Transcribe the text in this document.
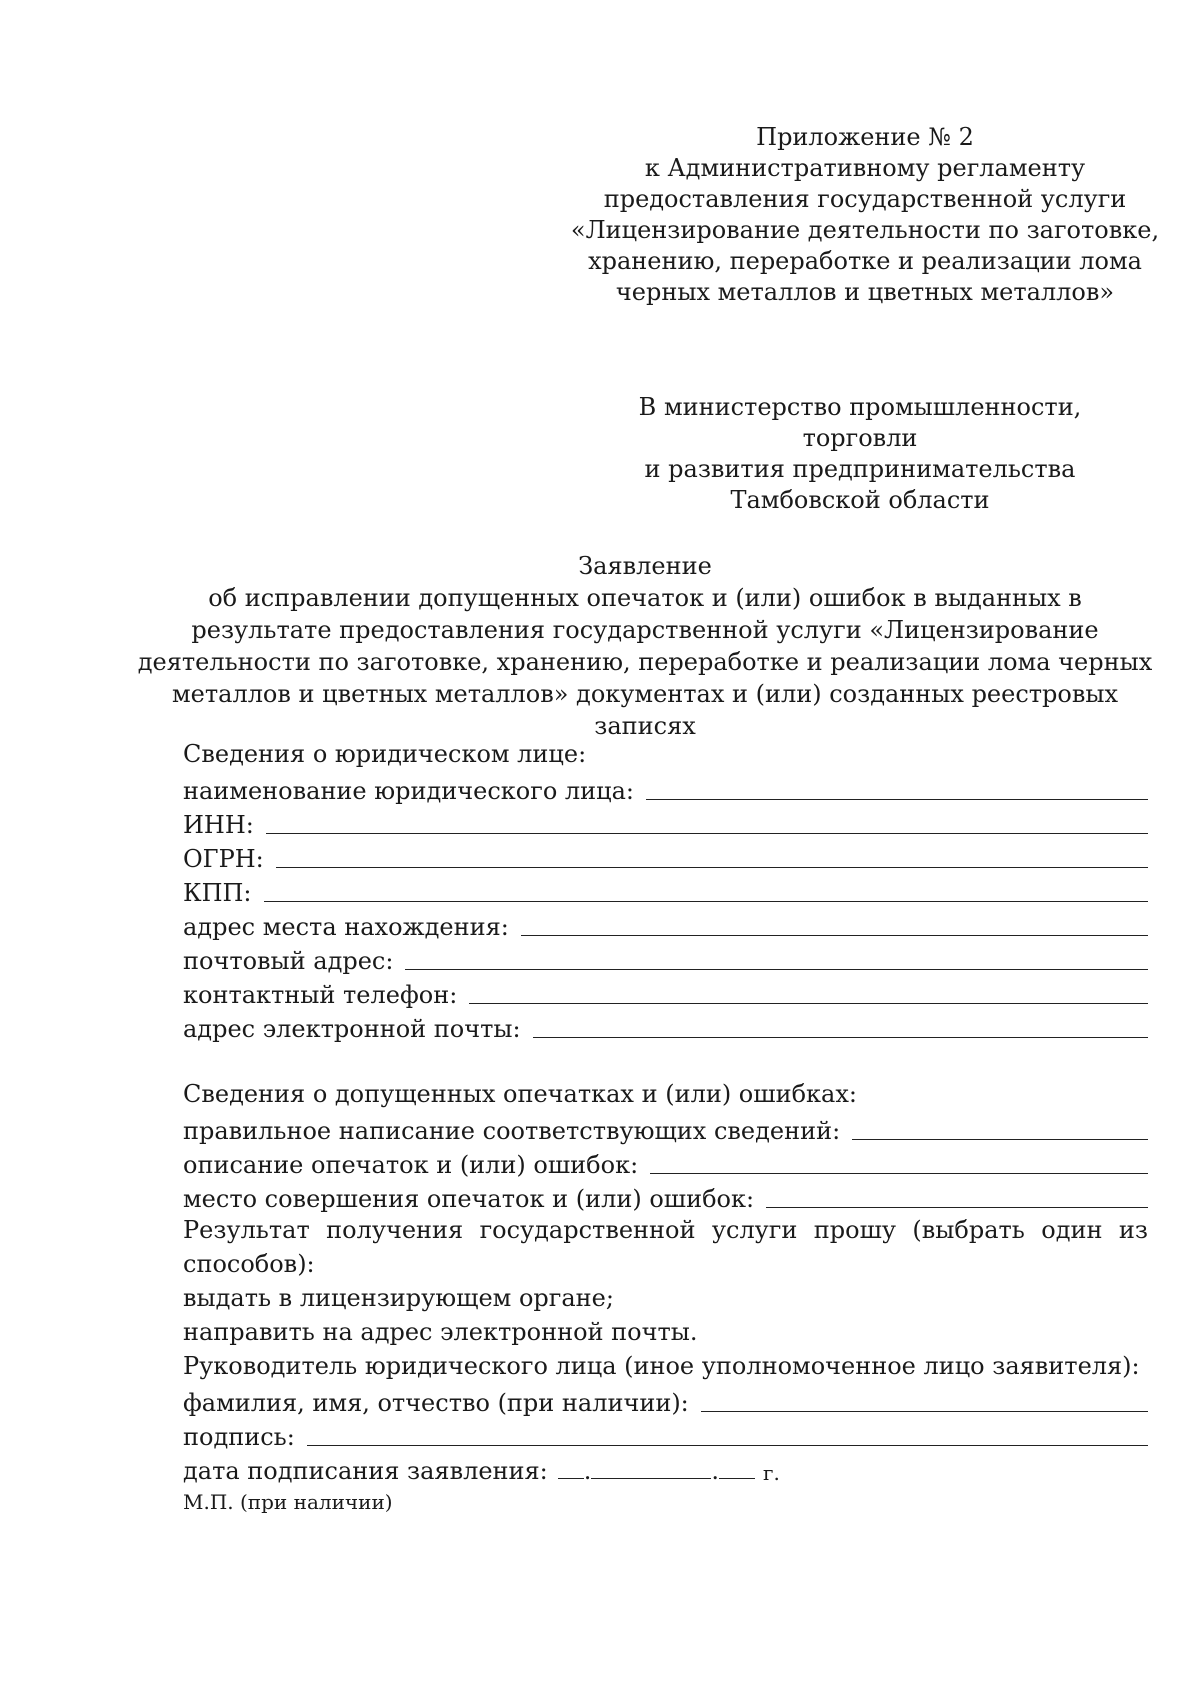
Приложение № 2
к Административному регламенту
предоставления государственной услуги
«Лицензирование деятельности по заготовке,
хранению, переработке и реализации лома
черных металлов и цветных металлов»
В министерство промышленности, торговли
и развития предпринимательства
Тамбовской области
Заявление
об исправлении допущенных опечаток и (или) ошибок в выданных в
результате предоставления государственной услуги «Лицензирование
деятельности по заготовке, хранению, переработке и реализации лома черных
металлов и цветных металлов» документах и (или) созданных реестровых записях
Сведения о юридическом лице:
наименование юридического лица:
ИНН:
ОГРН:
КПП:
адрес места нахождения:
почтовый адрес:
контактный телефон:
адрес электронной почты:
Сведения о допущенных опечатках и (или) ошибках:
правильное написание соответствующих сведений:
описание опечаток и (или) ошибок:
место совершения опечаток и (или) ошибок:
Результат получения государственной услуги прошу (выбрать один из
способов):
выдать в лицензирующем органе;
направить на адрес электронной почты.
Руководитель юридического лица (иное уполномоченное лицо заявителя):
фамилия, имя, отчество (при наличии):
подпись:
дата подписания заявления: .	. г.
М.П. (при наличии)
